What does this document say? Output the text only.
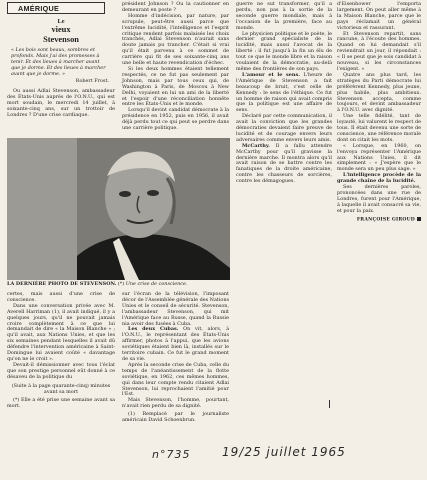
AMÉRIQUE
Le
vieux
Stevenson
« Les bois sont beaux, sombres et profonds. Mais j'ai des promesses à tenir. Et des lieues à marcher avant que je dorme. Et des lieues à marcher avant que je dorme. »
Robert Frost.

Ou aussi Adlai Stevenson, ambassadeur des États-Unis auprès de l'O.N.U., qui est mort soudain, le mercredi 14 juillet, à soixante-cinq ans, sur un trottoir de Londres ? D'une crise cardiaque.

président Johnson ? Ou la cautionner en demeurant en poste ?

Homme d'indécision, par nature, par scrupule, peut-être aussi parce que l'extrême lucidité, l'intelligence et l'esprit critique rendent parfois malaisés les choix tranchés, Adlai Stevenson n'aurait sans doute jamais pu trancher. C'était si vrai qu'il était parvenu à ce sommet de carrière qui fit de ses soixante-cinq ans une belle et haute revendication d'échec.

Si les deux hommes étaient tellement respectés, ce ne fut pas seulement par Johnson, mais par tous ceux qui, de Washington à Paris, de Moscou à New Delhi, voyaient en lui un ami de la liberté et l'espoir d'une réconciliation honnête entre les États-Unis et le monde.

Lorsqu'il devint candidat démocrate à la présidence en 1952, puis en 1956, il avait déjà perdu tout ce qui peut se perdre dans une carrière politique.

LA DERNIÈRE PHOTO DE STEVENSON. (*) Une crise de conscience.

certes, mais aussi d'une crise de conscience.

Dans une conversation privée avec M. Averell Harriman (1), il avait indiqué, il y a quelques jours, qu'il ne pouvait jamais croire complètement à ce que lui demandait de dire « la Maison Blanche » ; qu'il avait, aux Nations Unies, et que les six semaines pendant lesquelles il avait dû défendre l'intervention américaine à Saint-Domingue lui avaient coûté « davantage qu'on ne le croit ».

Devait-il démissionner avec tous l'éclat que son prestige personnel eût donné à ce désaveu de la politique du

(Suite à la page quarante-cinq) minutes avant sa mort

(*) Elle a été prise une semaine avant sa mort.

sur l'écran de la télévision, l'imposant décor de l'Assemblée générale des Nations Unies et le conseil de sécurité. Stevenson, l'ambassadeur Stevenson, qui mit l'Amérique face au Russe, quand la Russie nia avoir des fusées à Cuba.

Les deux Cubas. On vit, alors, à l'O.N.U., le représentant des États-Unis affirmer, photos à l'appui, que les avions soviétiques étaient bien là, installés sur le territoire cubain. Ce fut le grand moment de sa vie.

Après la seconde crise de Cuba, celle du temps de l'anéantissement de la flotte soviétique, en 1962, ces mêmes hommes, qui dans leur compte rendu citaient Adlai Stevenson, lui reprochaient l'amitié pour l'Est.

Mais Stevenson, l'homme, pourtant, n'avait rien perdu de sa dignité.

(1) Remplacé par le journaliste américain David Schoenbrun.

guerre ne sut transformer, qu'il a perdu, non pas à la sortie de la seconde guerre mondiale, mais à l'occasion de la première, face au monde.

Le physicien politique et le poète, le dernier grand spécialiste de la lucidité, mais aussi l'avocat de la liberté : il fut jusqu'à la fin un élu de tout ce que le monde libre et la raison voulaient de la démocratie, au-delà même des frontières de son pays.

L'amour et le sens. L'heure de l'Amérique de Stevenson a fait beaucoup de bruit, c'est celle de Kennedy : le sens de l'éthique. Ce fut un homme de raison qui avait compris que la politique est une affaire de sens.

Déclaré par cette communication, il avait la conviction que les grandes démocraties devaient faire preuve de lucidité et de courage envers leurs adversaires comme envers leurs amis.

McCarthy. Il a fallu attendre McCarthy pour qu'il gravisse la dernière marche. Il montra alors qu'il avait raison de se battre contre les fanatiques de la droite américaine, contre les chasseurs de sorcières, contre les démagogues.

d'Eisenhower l'emporta largement. On peut aller même à la Maison Blanche, parce que le pays réclamait un général victorieux et rassurant.

Et Stevenson repartit, sans rancune, à l'écoute des hommes. Quand on lui demandait s'il reviendrait un jour, il répondait : « Il se peut que je sois candidat à nouveau, si les circonstances l'exigent. »

Quatre ans plus tard, les stratèges du Parti démocrate lui préférèrent Kennedy, plus jeune, plus habile, plus ambitieux. Stevenson accepta, comme toujours, et devint ambassadeur à l'O.N.U. avec dignité.

Une telle fidélité, tant de loyauté, lui valurent le respect de tous. Il était devenu une sorte de conscience, une référence morale dont on citait les mots.

« Lorsque, en 1960, on l'envoya représenter l'Amérique aux Nations Unies, il dit simplement : « J'espère que le monde sera un peu plus sage. »

L'intelligence procède de la grande chaîne de la lucidité.

Ses dernières paroles, prononcées dans une rue de Londres, furent pour l'Amérique, à laquelle il avait consacré sa vie, et pour la paix.

FRANÇOISE GIROUD
n°735	19/25 juillet 1965
